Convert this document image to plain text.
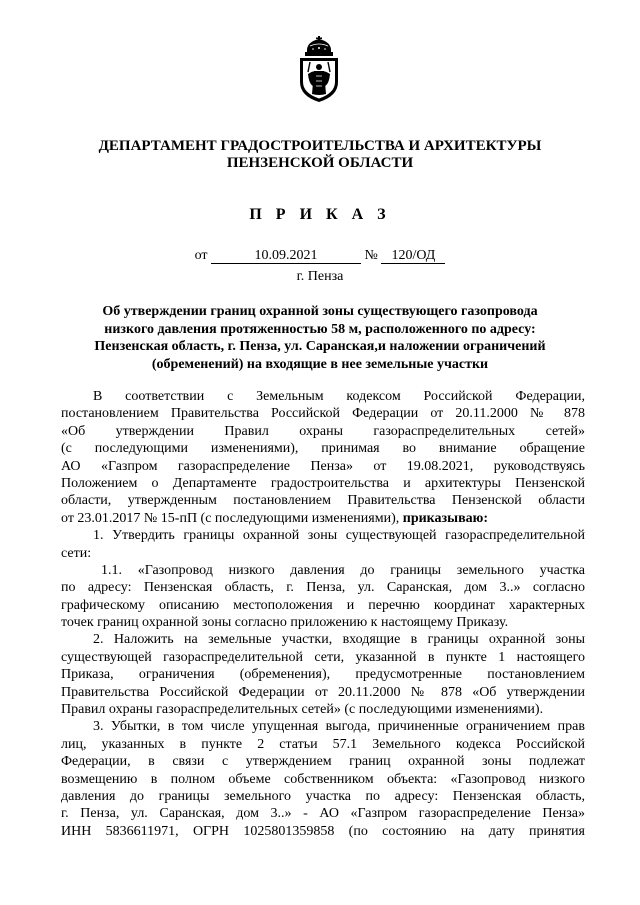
ДЕПАРТАМЕНТ ГРАДОСТРОИТЕЛЬСТВА И АРХИТЕКТУРЫ
ПЕНЗЕНСКОЙ ОБЛАСТИ
П Р И К А З
от	10.09.2021	№ 120/ОД
г. Пенза
Об утверждении границ охранной зоны существующего газопровода
низкого давления протяженностью 58 м, расположенного по адресу:
Пензенская область, г. Пенза, ул. Саранская,и наложении ограничений
(обременений) на входящие в нее земельные участки
В соответствии с Земельным кодексом Российской Федерации,
постановлением Правительства Российской Федерации от 20.11.2000 № 878
«Об утверждении Правил охраны газораспределительных сетей»
(с последующими изменениями), принимая во внимание обращение
АО «Газпром газораспределение Пенза» от 19.08.2021, руководствуясь
Положением о Департаменте градостроительства и архитектуры Пензенской
области, утвержденным постановлением Правительства Пензенской области
от 23.01.2017 № 15-пП (с последующими изменениями), приказываю:
1. Утвердить границы охранной зоны существующей газораспределительной
сети:
1.1. «Газопровод низкого давления до границы земельного участка
по адресу: Пензенская область, г. Пенза, ул. Саранская, дом 3..» согласно
графическому описанию местоположения и перечню координат характерных
точек границ охранной зоны согласно приложению к настоящему Приказу.
2. Наложить на земельные участки, входящие в границы охранной зоны
существующей газораспределительной сети, указанной в пункте 1 настоящего
Приказа, ограничения (обременения), предусмотренные постановлением
Правительства Российской Федерации от 20.11.2000 № 878 «Об утверждении
Правил охраны газораспределительных сетей» (с последующими изменениями).
3. Убытки, в том числе упущенная выгода, причиненные ограничением прав
лиц, указанных в пункте 2 статьи 57.1 Земельного кодекса Российской
Федерации, в связи с утверждением границ охранной зоны подлежат
возмещению в полном объеме собственником объекта: «Газопровод низкого
давления до границы земельного участка по адресу: Пензенская область,
г. Пенза, ул. Саранская, дом 3..» - АО «Газпром газораспределение Пенза»
ИНН 5836611971, ОГРН 1025801359858 (по состоянию на дату принятия
